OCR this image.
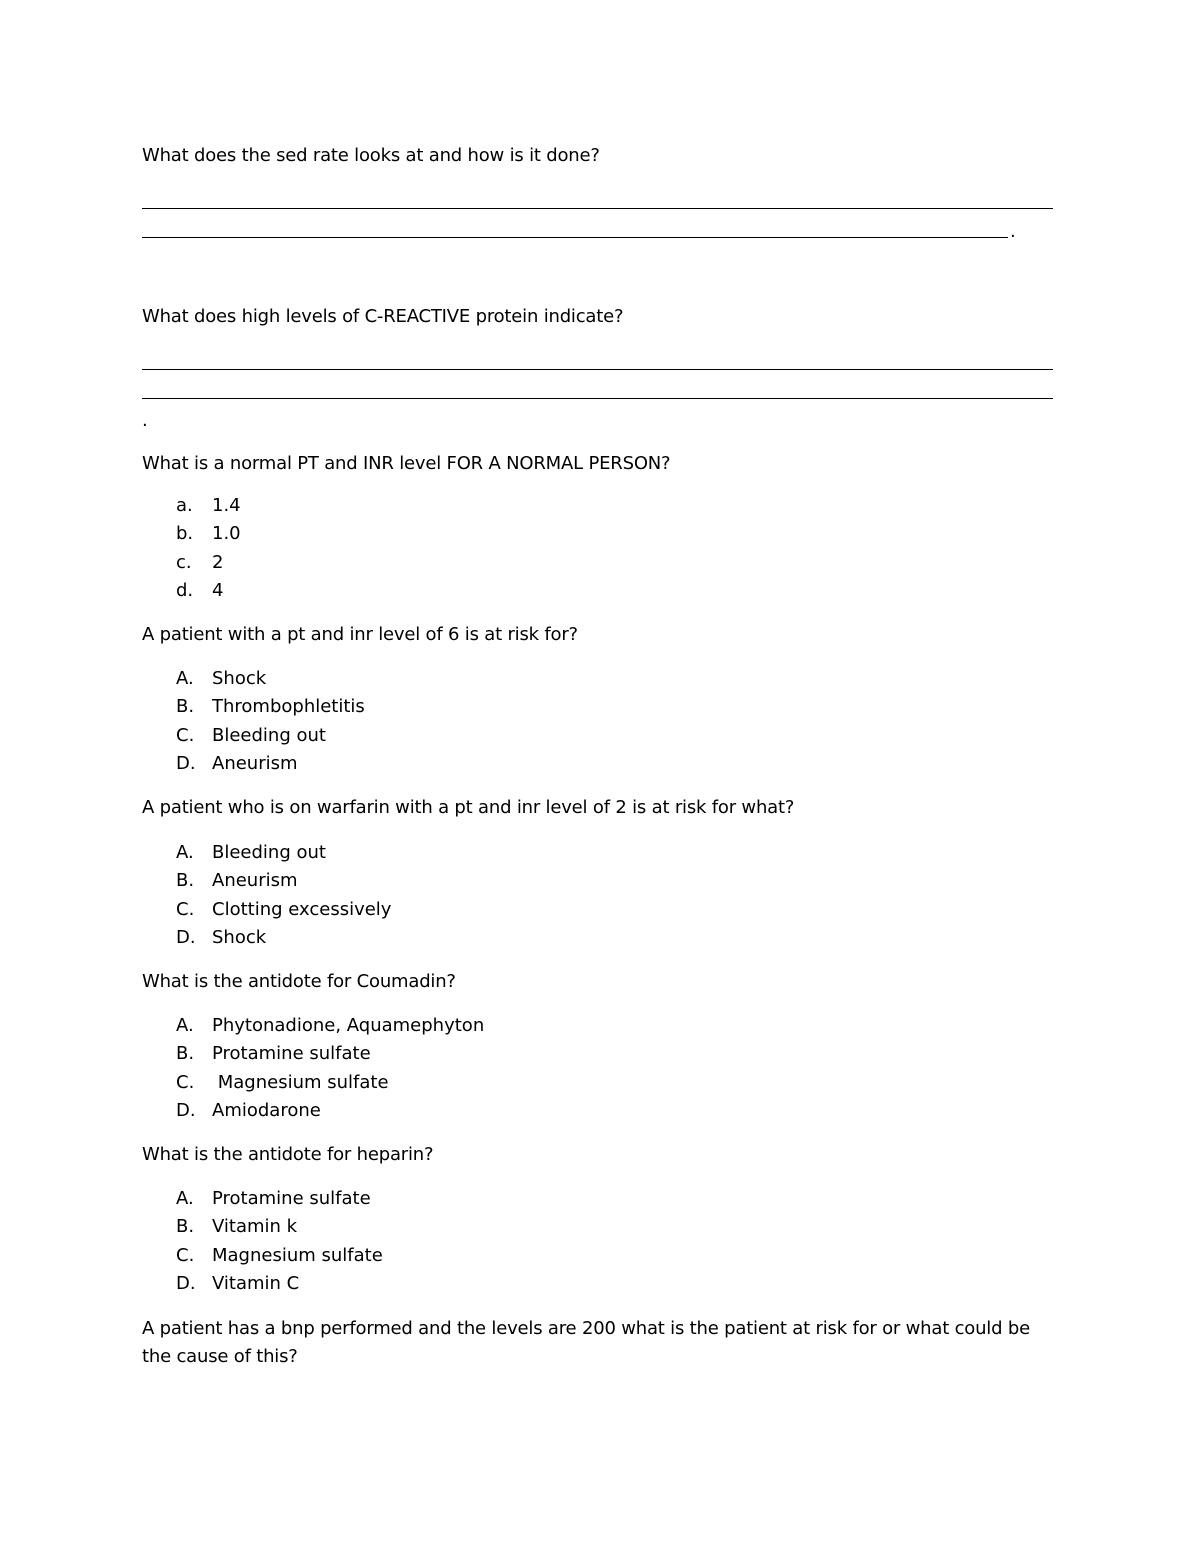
What does the sed rate looks at and how is it done?
.
What does high levels of C-REACTIVE protein indicate?
.
What is a normal PT and INR level FOR A NORMAL PERSON?
a. 1.4
b. 1.0
c. 2
d. 4
A patient with a pt and inr level of 6 is at risk for?
A. Shock
B. Thrombophletitis
C. Bleeding out
D. Aneurism
A patient who is on warfarin with a pt and inr level of 2 is at risk for what?
A. Bleeding out
B. Aneurism
C. Clotting excessively
D. Shock
What is the antidote for Coumadin?
A. Phytonadione, Aquamephyton
B. Protamine sulfate
C. Magnesium sulfate
D. Amiodarone
What is the antidote for heparin?
A. Protamine sulfate
B. Vitamin k
C. Magnesium sulfate
D. Vitamin C
A patient has a bnp performed and the levels are 200 what is the patient at risk for or what could be the cause of this?
